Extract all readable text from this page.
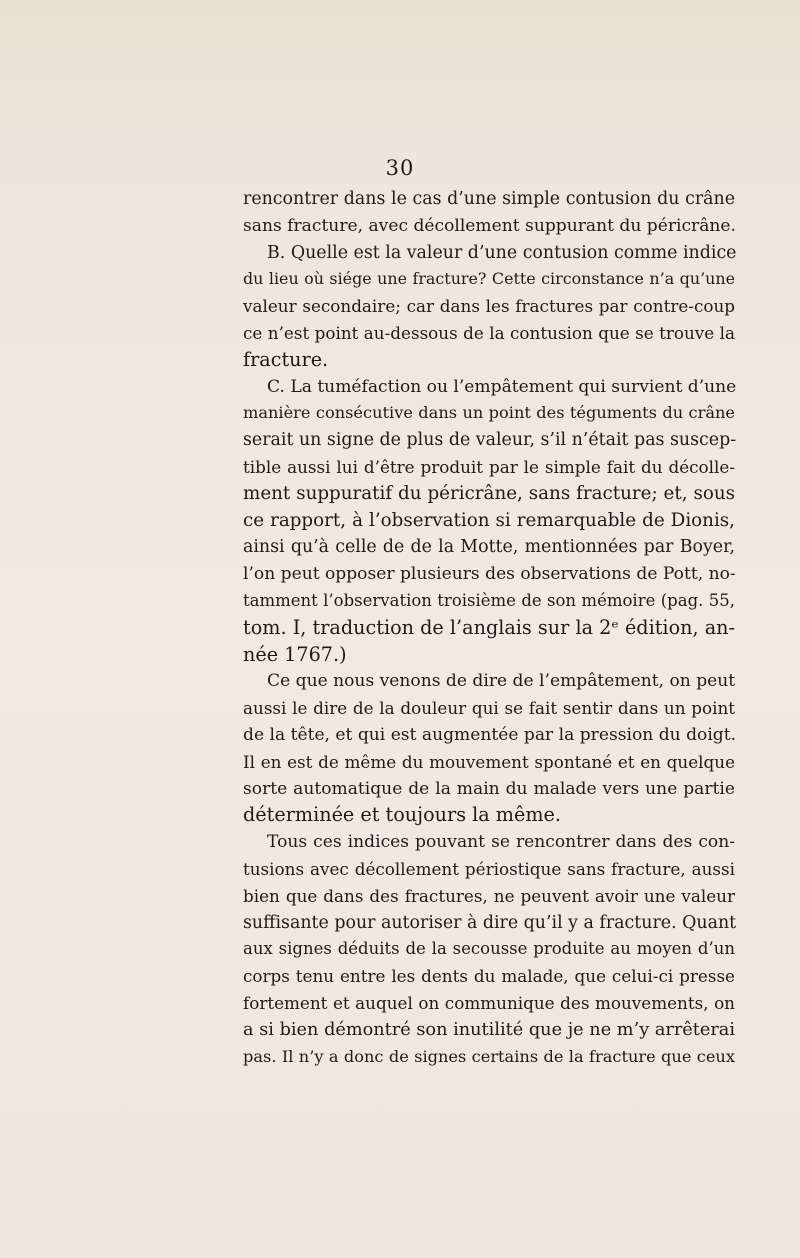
30
rencontrer dans le cas d’une simple contusion du crâne
sans fracture, avec décollement suppurant du péricrâne.
B. Quelle est la valeur d’une contusion comme indice
du lieu où siége une fracture? Cette circonstance n’a qu’une
valeur secondaire; car dans les fractures par contre-coup
ce n’est point au-dessous de la contusion que se trouve la
fracture.
C. La tuméfaction ou l’empâtement qui survient d’une
manière consécutive dans un point des téguments du crâne
serait un signe de plus de valeur, s’il n’était pas suscep-
tible aussi lui d’être produit par le simple fait du décolle-
ment suppuratif du péricrâne, sans fracture; et, sous
ce rapport, à l’observation si remarquable de Dionis,
ainsi qu’à celle de de la Motte, mentionnées par Boyer,
l’on peut opposer plusieurs des observations de Pott, no-
tamment l’observation troisième de son mémoire (pag. 55,
tom. I, traduction de l’anglais sur la 2ᵉ édition, an-
née 1767.)
Ce que nous venons de dire de l’empâtement, on peut
aussi le dire de la douleur qui se fait sentir dans un point
de la tête, et qui est augmentée par la pression du doigt.
Il en est de même du mouvement spontané et en quelque
sorte automatique de la main du malade vers une partie
déterminée et toujours la même.
Tous ces indices pouvant se rencontrer dans des con-
tusions avec décollement périostique sans fracture, aussi
bien que dans des fractures, ne peuvent avoir une valeur
suffisante pour autoriser à dire qu’il y a fracture. Quant
aux signes déduits de la secousse produite au moyen d’un
corps tenu entre les dents du malade, que celui-ci presse
fortement et auquel on communique des mouvements, on
a si bien démontré son inutilité que je ne m’y arrêterai
pas. Il n’y a donc de signes certains de la fracture que ceux
